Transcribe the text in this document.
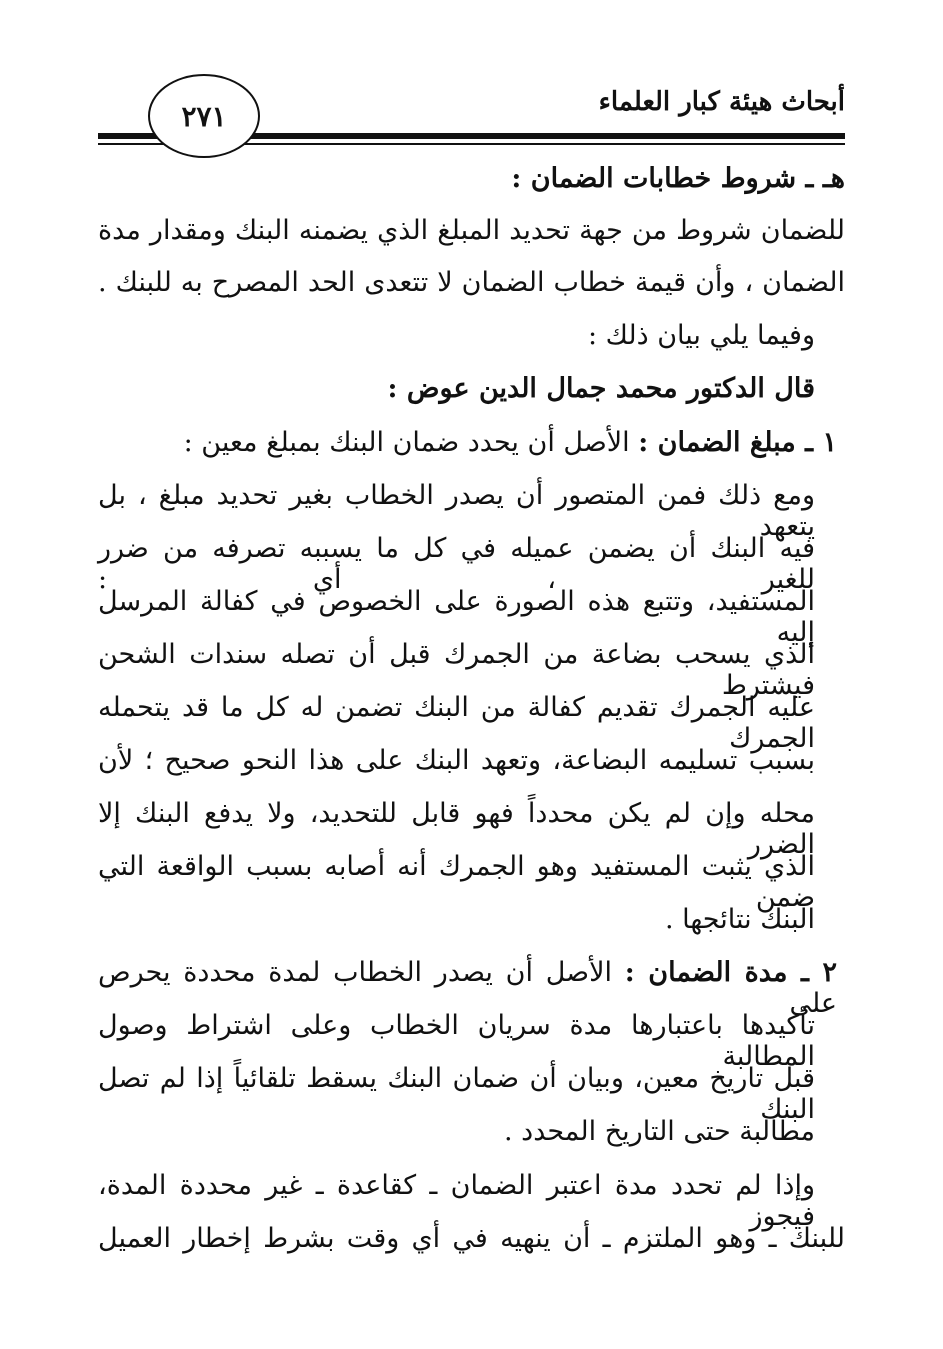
أبحاث هيئة كبار العلماء
٢٧١
هـ ـ شروط خطابات الضمان :
للضمان شروط من جهة تحديد المبلغ الذي يضمنه البنك ومقدار مدة
الضمان ، وأن قيمة خطاب الضمان لا تتعدى الحد المصرح به للبنك .
وفيما يلي بيان ذلك :
قال الدكتور محمد جمال الدين عوض :
١ ـ مبلغ الضمان : الأصل أن يحدد ضمان البنك بمبلغ معين :
ومع ذلك فمن المتصور أن يصدر الخطاب بغير تحديد مبلغ ، بل يتعهد
فيه البنك أن يضمن عميله في كل ما يسببه تصرفه من ضرر للغير ، أي :
المستفيد، وتتبع هذه الصورة على الخصوص في كفالة المرسل إليه
الذي يسحب بضاعة من الجمرك قبل أن تصله سندات الشحن فيشترط
عليه الجمرك تقديم كفالة من البنك تضمن له كل ما قد يتحمله الجمرك
بسبب تسليمه البضاعة، وتعهد البنك على هذا النحو صحيح ؛ لأن
محله وإن لم يكن محدداً فهو قابل للتحديد، ولا يدفع البنك إلا الضرر
الذي يثبت المستفيد وهو الجمرك أنه أصابه بسبب الواقعة التي ضمن
البنك نتائجها .
٢ ـ مدة الضمان : الأصل أن يصدر الخطاب لمدة محددة يحرص على
تأكيدها باعتبارها مدة سريان الخطاب وعلى اشتراط وصول المطالبة
قبل تاريخ معين، وبيان أن ضمان البنك يسقط تلقائياً إذا لم تصل البنك
مطالبة حتى التاريخ المحدد .
وإذا لم تحدد مدة اعتبر الضمان ـ كقاعدة ـ غير محددة المدة، فيجوز
للبنك ـ وهو الملتزم ـ أن ينهيه في أي وقت بشرط إخطار العميل
